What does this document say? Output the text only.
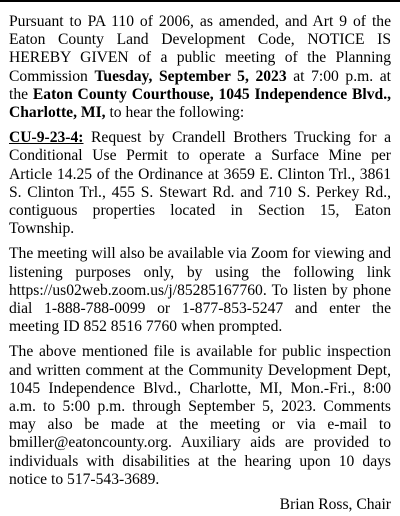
Pursuant to PA 110 of 2006, as amended, and Art 9 of the Eaton County Land Development Code, NOTICE IS HEREBY GIVEN of a public meeting of the Planning Commission Tuesday, September 5, 2023 at 7:00 p.m. at the Eaton County Courthouse, 1045 Independence Blvd., Charlotte, MI, to hear the following:

CU-9-23-4: Request by Crandell Brothers Trucking for a Conditional Use Permit to operate a Surface Mine per Article 14.25 of the Ordinance at 3659 E. Clinton Trl., 3861 S. Clinton Trl., 455 S. Stewart Rd. and 710 S. Perkey Rd., contiguous properties located in Section 15, Eaton Township.

The meeting will also be available via Zoom for viewing and listening purposes only, by using the following link https://us02web.zoom.us/j/85285167760. To listen by phone dial 1-888-788-0099 or 1-877-853-5247 and enter the meeting ID 852 8516 7760 when prompted.

The above mentioned file is available for public inspection and written comment at the Community Development Dept, 1045 Independence Blvd., Charlotte, MI, Mon.-Fri., 8:00 a.m. to 5:00 p.m. through September 5, 2023. Comments may also be made at the meeting or via e-mail to bmiller@eatoncounty.org. Auxiliary aids are provided to individuals with disabilities at the hearing upon 10 days notice to 517-543-3689.

Brian Ross, Chair
